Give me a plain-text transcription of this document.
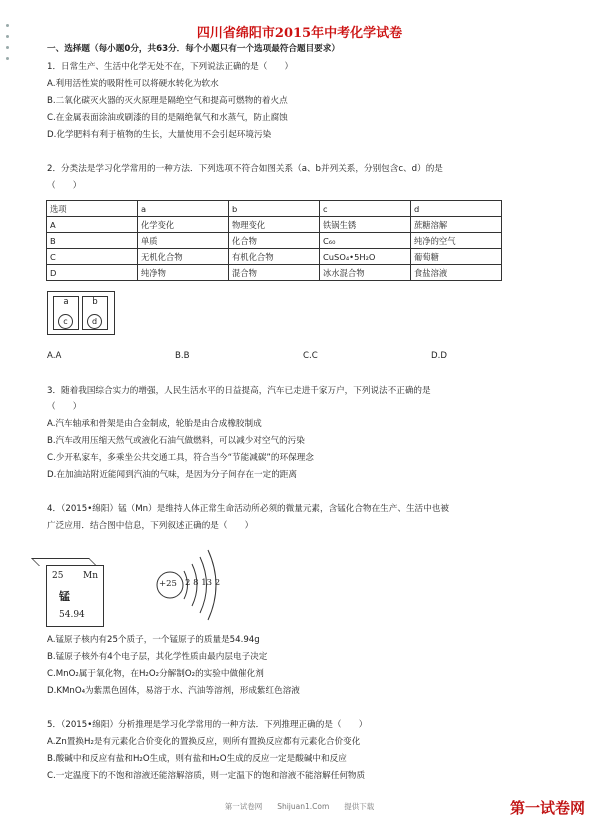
四川省绵阳市2015年中考化学试卷
一、选择题（每小题0分，共63分．每个小题只有一个选项最符合题目要求）
1．日常生产、生活中化学无处不在，下列说法正确的是（　　）
A.利用活性炭的吸附性可以将硬水转化为软水
B.二氧化碳灭火器的灭火原理是隔绝空气和提高可燃物的着火点
C.在金属表面涂油或刷漆的目的是隔绝氧气和水蒸气，防止腐蚀
D.化学肥料有利于植物的生长，大量使用不会引起环境污染
2．分类法是学习化学常用的一种方法．下列选项不符合如图关系（a、b并列关系，分别包含c、d）的是
（　　）
选项	a	b	c	d
A	化学变化	物理变化	铁锅生锈	蔗糖溶解
B	单质	化合物	C₆₀	纯净的空气
C	无机化合物	有机化合物	CuSO₄•5H₂O	葡萄糖
D	纯净物	混合物	冰水混合物	食盐溶液
a
c
b
d
A.A	B.B	C.C	D.D
3．随着我国综合实力的增强，人民生活水平的日益提高，汽车已走进千家万户，下列说法不正确的是
（　　）
A.汽车轴承和骨架是由合金制成，轮胎是由合成橡胶制成
B.汽车改用压缩天然气或液化石油气做燃料，可以减少对空气的污染
C.少开私家车，多乘坐公共交通工具，符合当今“节能减碳”的环保理念
D.在加油站附近能闻到汽油的气味，是因为分子间存在一定的距离
4．（2015•绵阳）锰（Mn）是维持人体正常生命活动所必须的微量元素，含锰化合物在生产、生活中也被
广泛应用．结合图中信息，下列叙述正确的是（　　）
25 Mn
锰
54.94
+25 2 8 13 2
A.锰原子核内有25个质子，一个锰原子的质量是54.94g
B.锰原子核外有4个电子层，其化学性质由最内层电子决定
C.MnO₂属于氧化物，在H₂O₂分解制O₂的实验中做催化剂
D.KMnO₄为紫黑色固体，易溶于水、汽油等溶剂，形成紫红色溶液
5．（2015•绵阳）分析推理是学习化学常用的一种方法．下列推理正确的是（　　）
A.Zn置换H₂是有元素化合价变化的置换反应，则所有置换反应都有元素化合价变化
B.酸碱中和反应有盐和H₂O生成，则有盐和H₂O生成的反应一定是酸碱中和反应
C.一定温度下的不饱和溶液还能溶解溶质，则一定温下的饱和溶液不能溶解任何物质
第一试卷网　　Shijuan1.Com　　提供下载	第一试卷网
